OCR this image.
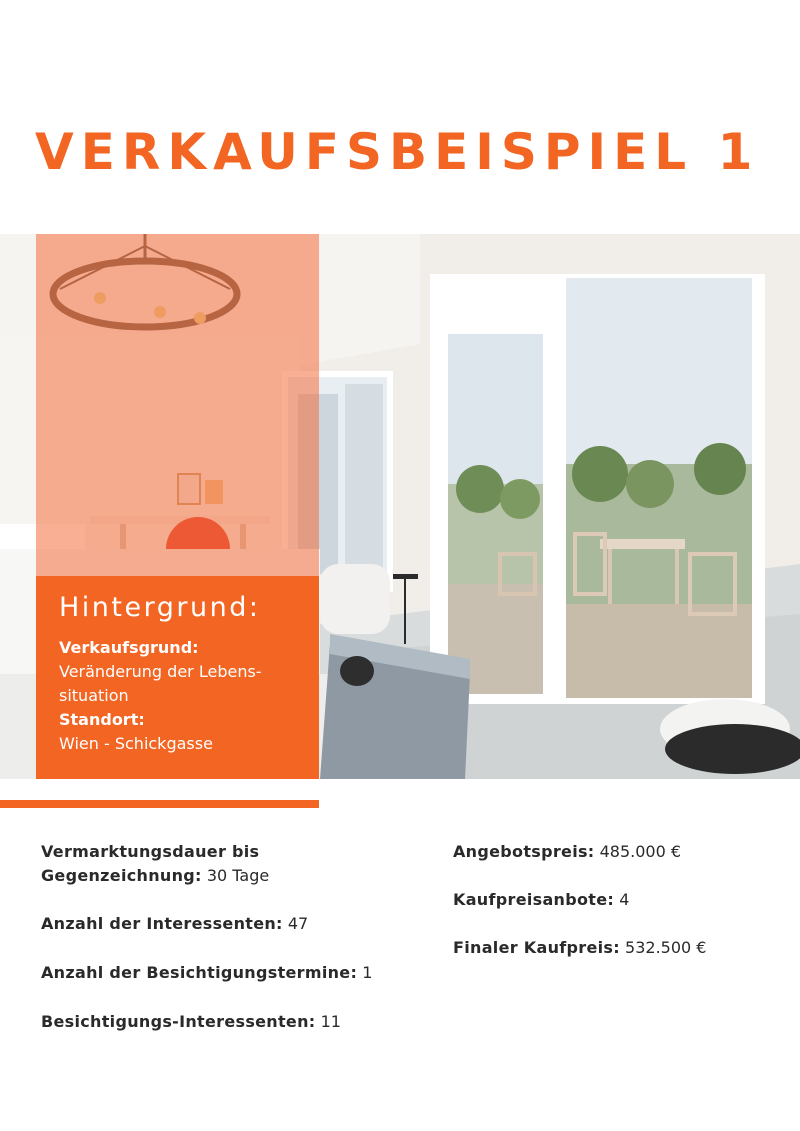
VERKAUFSBEISPIEL 1
Hintergrund:
Verkaufsgrund:
Veränderung der Lebens-
situation
Standort:
Wien - Schickgasse
Vermarktungsdauer bis
Gegenzeichnung: 30 Tage
Anzahl der Interessenten: 47
Anzahl der Besichtigungstermine: 1
Besichtigungs-Interessenten: 11
Angebotspreis: 485.000 €
Kaufpreisanbote: 4
Finaler Kaufpreis: 532.500 €
